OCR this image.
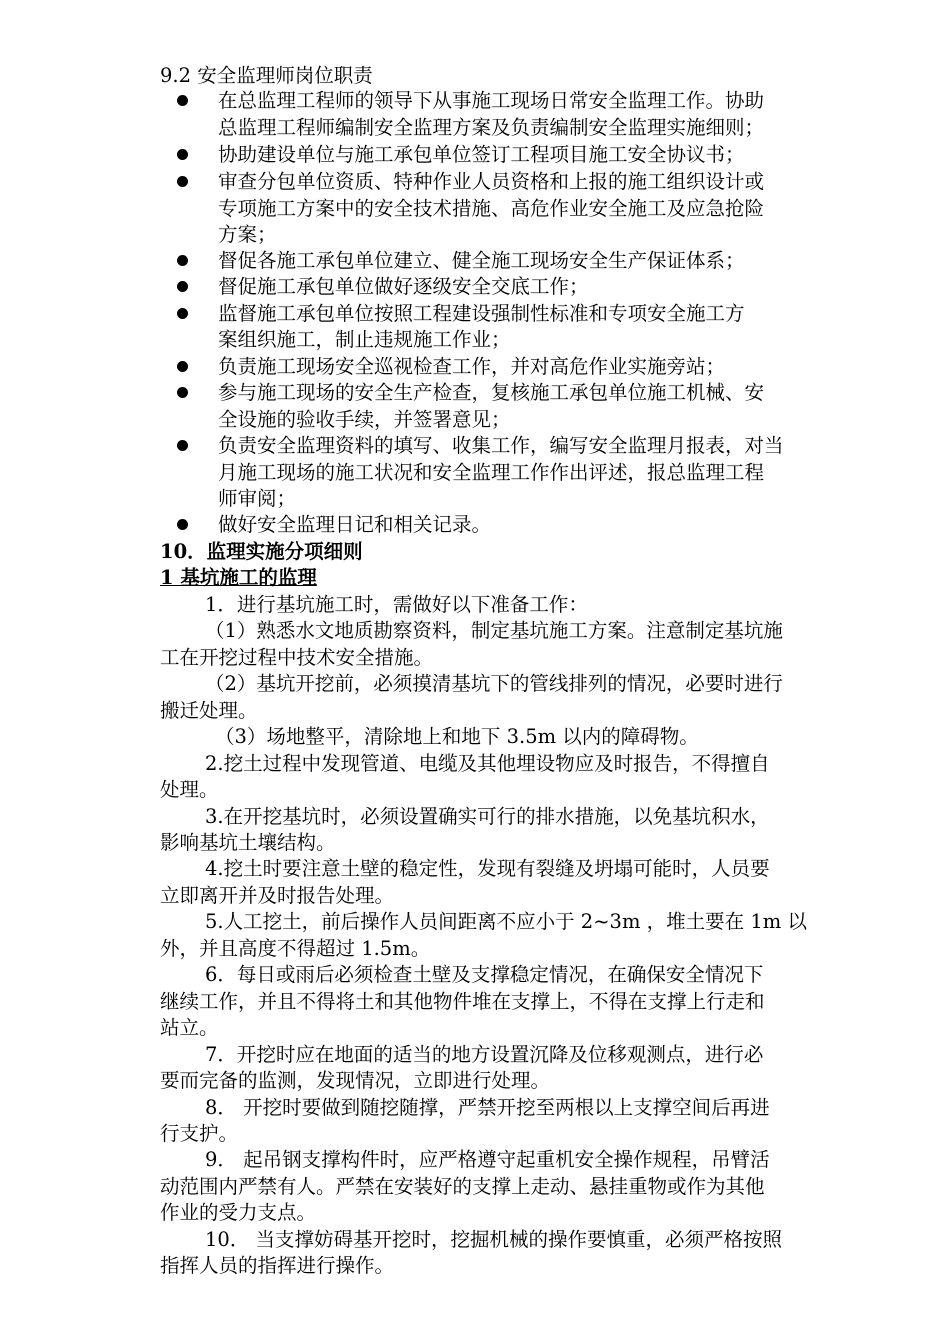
9.2 安全监理师岗位职责
在总监理工程师的领导下从事施工现场日常安全监理工作。协助
总监理工程师编制安全监理方案及负责编制安全监理实施细则；
协助建设单位与施工承包单位签订工程项目施工安全协议书；
审查分包单位资质、特种作业人员资格和上报的施工组织设计或
专项施工方案中的安全技术措施、高危作业安全施工及应急抢险
方案；
督促各施工承包单位建立、健全施工现场安全生产保证体系；
督促施工承包单位做好逐级安全交底工作；
监督施工承包单位按照工程建设强制性标准和专项安全施工方
案组织施工，制止违规施工作业；
负责施工现场安全巡视检查工作，并对高危作业实施旁站；
参与施工现场的安全生产检查，复核施工承包单位施工机械、安
全设施的验收手续，并签署意见；
负责安全监理资料的填写、收集工作，编写安全监理月报表，对当
月施工现场的施工状况和安全监理工作作出评述，报总监理工程
师审阅；
做好安全监理日记和相关记录。
10．监理实施分项细则
1 基坑施工的监理
1．进行基坑施工时，需做好以下准备工作：
（1）熟悉水文地质勘察资料，制定基坑施工方案。注意制定基坑施
工在开挖过程中技术安全措施。
（2）基坑开挖前，必须摸清基坑下的管线排列的情况，必要时进行
搬迁处理。
（3）场地整平，清除地上和地下 3.5m 以内的障碍物。
2.挖土过程中发现管道、电缆及其他埋设物应及时报告，不得擅自
处理。
3.在开挖基坑时，必须设置确实可行的排水措施，以免基坑积水，
影响基坑土壤结构。
4.挖土时要注意土壁的稳定性，发现有裂缝及坍塌可能时，人员要
立即离开并及时报告处理。
5.人工挖土，前后操作人员间距离不应小于 2~3m ，堆土要在 1m 以
外，并且高度不得超过 1.5m。
6．每日或雨后必须检查土壁及支撑稳定情况，在确保安全情况下
继续工作，并且不得将土和其他物件堆在支撑上，不得在支撑上行走和
站立。
7．开挖时应在地面的适当的地方设置沉降及位移观测点，进行必
要而完备的监测，发现情况，立即进行处理。
8． 开挖时要做到随挖随撑，严禁开挖至两根以上支撑空间后再进
行支护。
9． 起吊钢支撑构件时，应严格遵守起重机安全操作规程，吊臂活
动范围内严禁有人。严禁在安装好的支撑上走动、悬挂重物或作为其他
作业的受力支点。
10． 当支撑妨碍基开挖时，挖掘机械的操作要慎重，必须严格按照
指挥人员的指挥进行操作。
